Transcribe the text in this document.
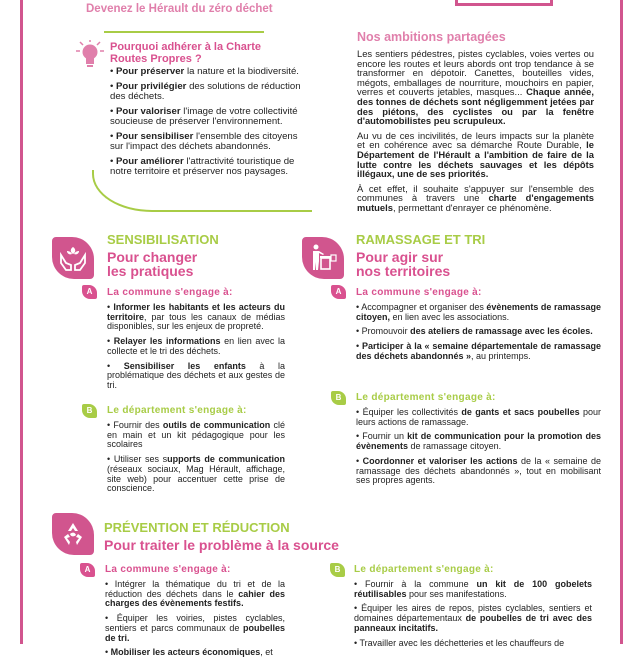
Devenez le Hérault du zéro déchet
Pourquoi adhérer à la Charte Routes Propres ?

• Pour préserver la nature et la biodiversité.

• Pour privilégier des solutions de réduction des déchets.

• Pour valoriser l'image de votre collectivité soucieuse de préserver l'environnement.

• Pour sensibiliser l'ensemble des citoyens sur l'impact des déchets abandonnés.

• Pour améliorer l'attractivité touristique de notre territoire et préserver nos paysages.

Nos ambitions partagées

Les sentiers pédestres, pistes cyclables, voies vertes ou encore les routes et leurs abords ont trop tendance à se transformer en dépotoir. Canettes, bouteilles vides, mégots, emballages de nourriture, mouchoirs en papier, verres et couverts jetables, masques... Chaque année, des tonnes de déchets sont négligemment jetées par des piétons, des cyclistes ou par la fenêtre d'automobilistes peu scrupuleux.

Au vu de ces incivilités, de leurs impacts sur la planète et en cohérence avec sa démarche Route Durable, le Département de l'Hérault a l'ambition de faire de la lutte contre les déchets sauvages et les dépôts illégaux, une de ses priorités.

À cet effet, il souhaite s'appuyer sur l'ensemble des communes à travers une charte d'engagements mutuels, permettant d'enrayer ce phénomène.

SENSIBILISATION
Pour changer
les pratiques
A	La commune s'engage à:

• Informer les habitants et les acteurs du territoire, par tous les canaux de médias disponibles, sur les enjeux de propreté.

• Relayer les informations en lien avec la collecte et le tri des déchets.

• Sensibiliser les enfants à la problématique des déchets et aux gestes de tri.

B	Le département s'engage à:

• Fournir des outils de communication clé en main et un kit pédagogique pour les scolaires

• Utiliser ses supports de communication (réseaux sociaux, Mag Hérault, affichage, site web) pour accentuer cette prise de conscience.

RAMASSAGE ET TRI
Pour agir sur
nos territoires
A	La commune s'engage à:

• Accompagner et organiser des évènements de ramassage citoyen, en lien avec les associations.

• Promouvoir des ateliers de ramassage avec les écoles.

• Participer à la « semaine départementale de ramassage des déchets abandonnés », au printemps.

B	Le département s'engage à:

• Équiper les collectivités de gants et sacs poubelles pour leurs actions de ramassage.

• Fournir un kit de communication pour la promotion des évènements de ramassage citoyen.

• Coordonner et valoriser les actions de la « semaine de ramassage des déchets abandonnés », tout en mobilisant ses propres agents.

PRÉVENTION ET RÉDUCTION
Pour traiter le problème à la source
A	La commune s'engage à:

• Intégrer la thématique du tri et de la réduction des déchets dans le cahier des charges des évènements festifs.

• Équiper les voiries, pistes cyclables, sentiers et parcs communaux de poubelles de tri.

• Mobiliser les acteurs économiques, et

B	Le département s'engage à:

• Fournir à la commune un kit de 100 gobelets réutilisables pour ses manifestations.

• Équiper les aires de repos, pistes cyclables, sentiers et domaines départementaux de poubelles de tri avec des panneaux incitatifs.

• Travailler avec les déchetteries et les chauffeurs de
